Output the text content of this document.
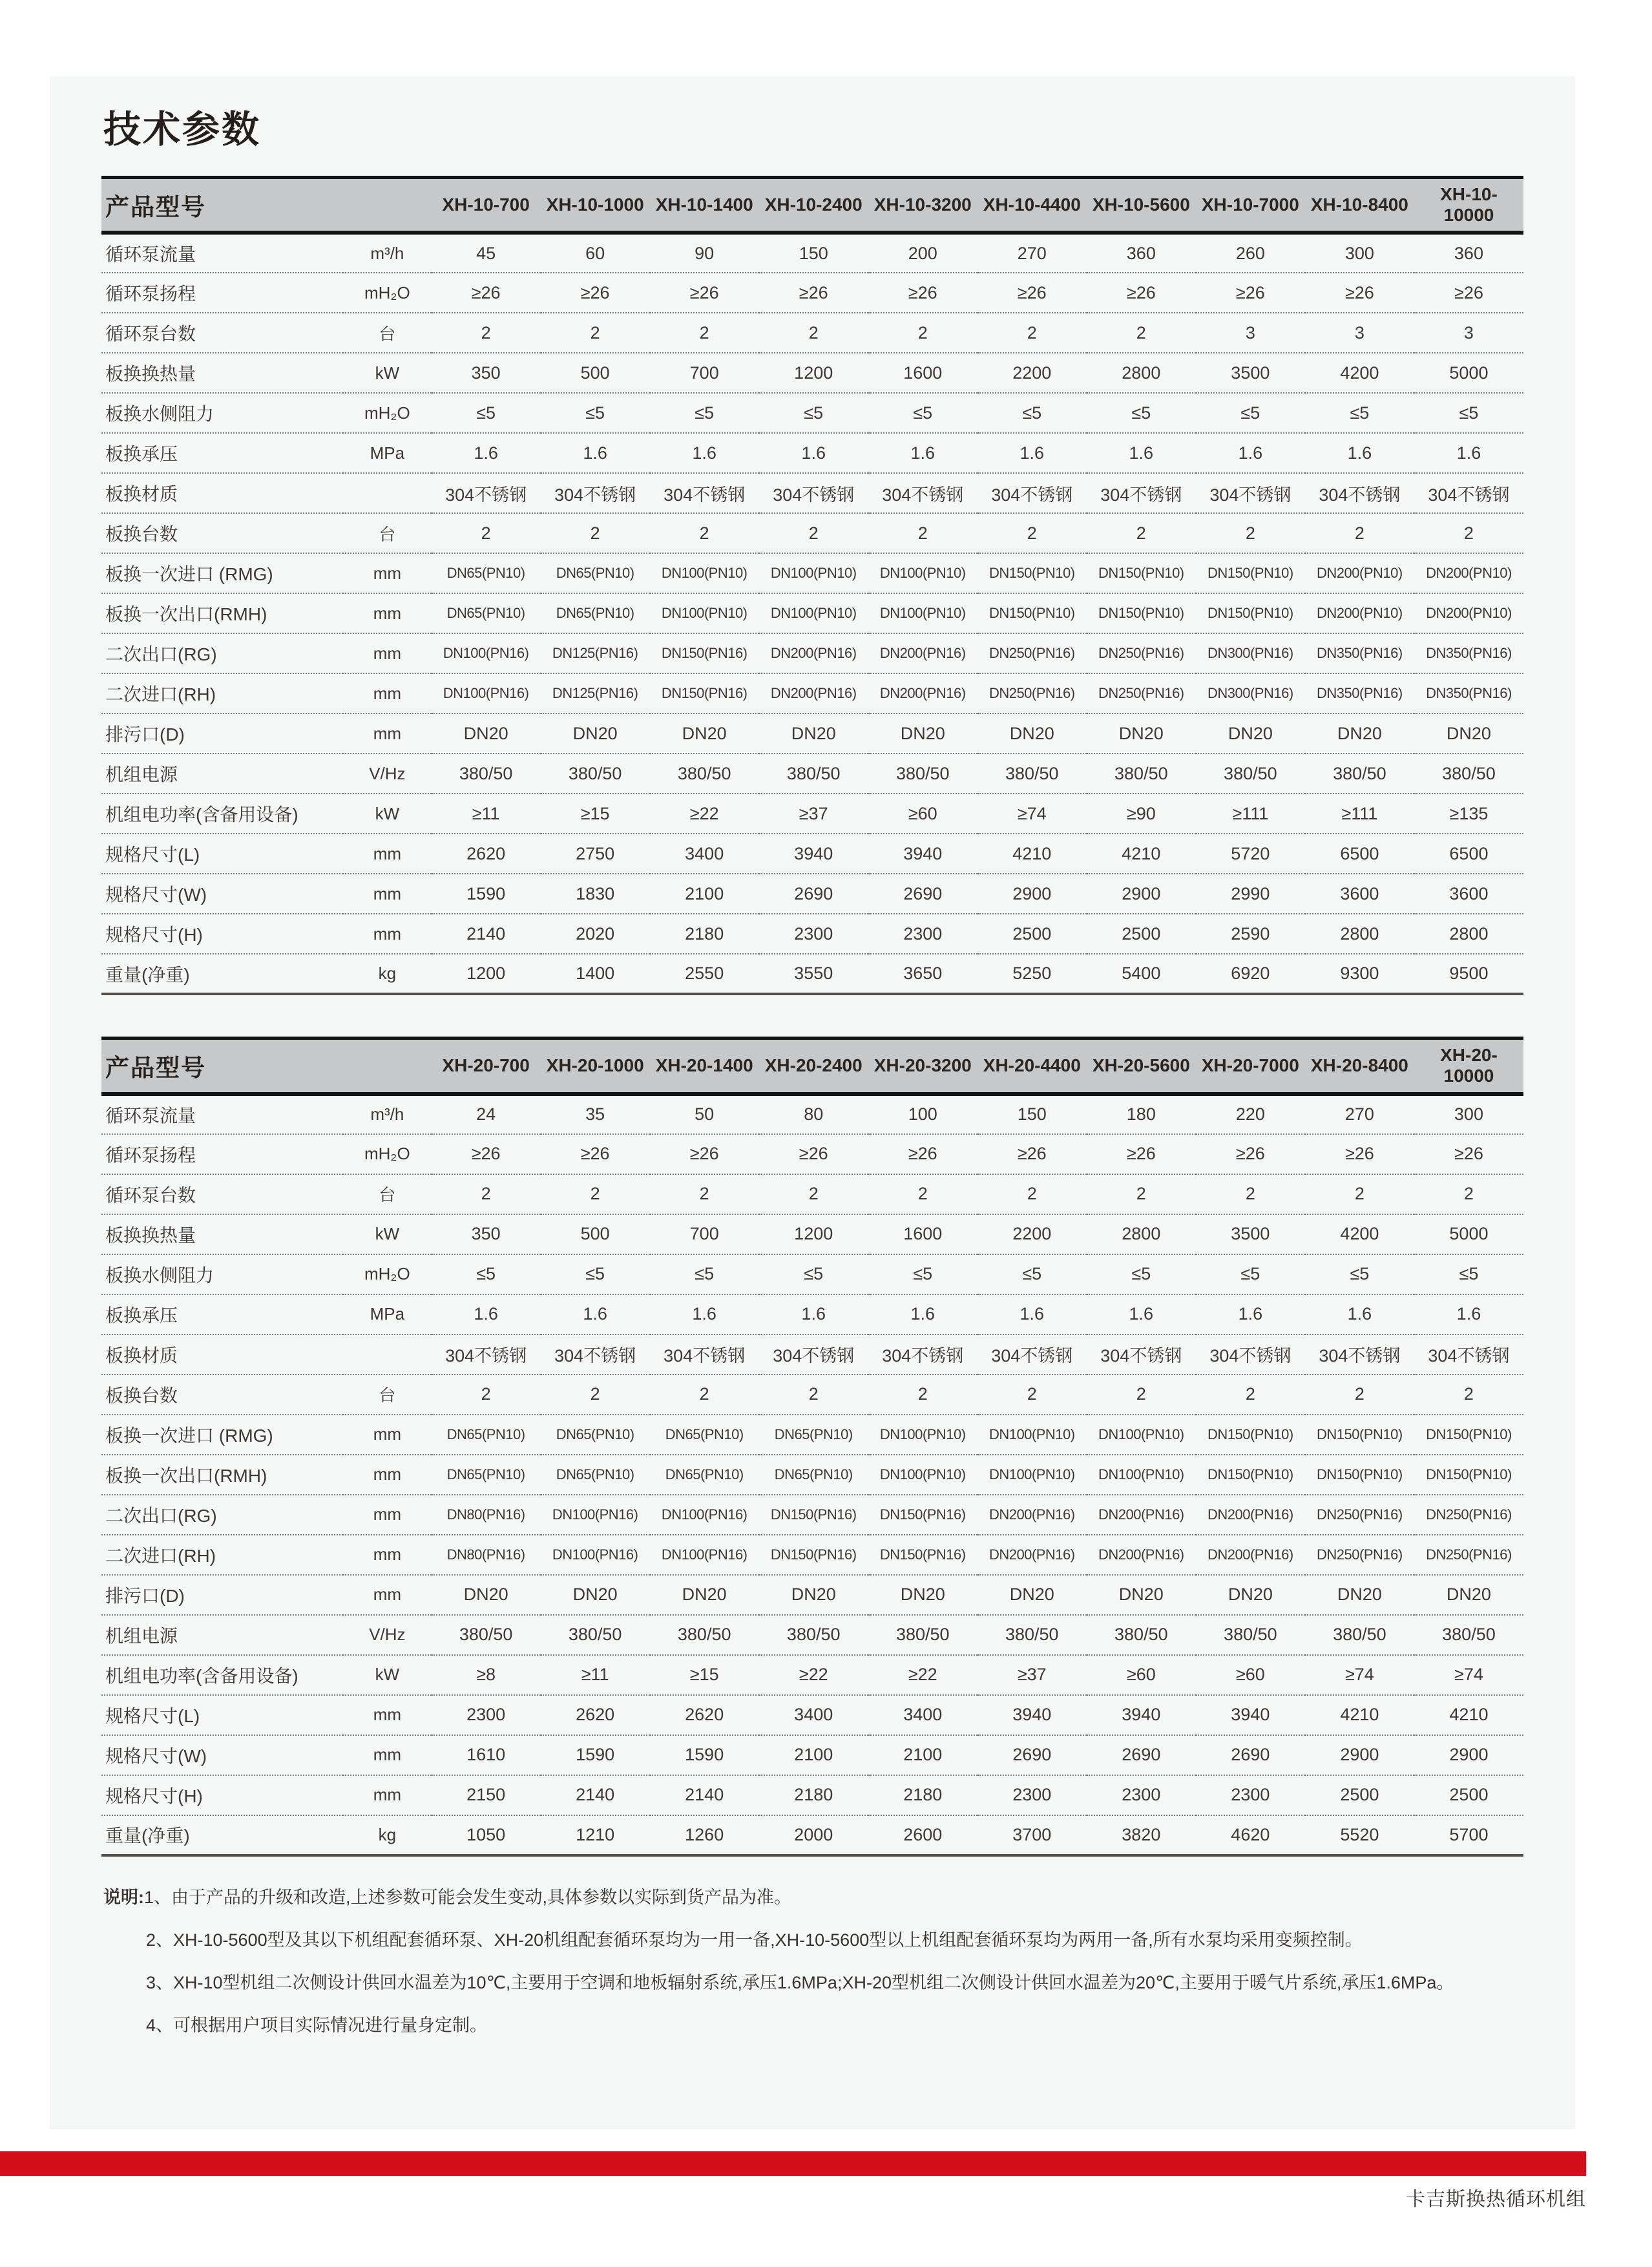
技术参数
产品型号		XH-10-700	XH-10-1000	XH-10-1400	XH-10-2400	XH-10-3200	XH-10-4400	XH-10-5600	XH-10-7000	XH-10-8400	XH-10-10000
循环泵流量	m³/h	45	60	90	150	200	270	360	260	300	360
循环泵扬程	mH₂O	≥26	≥26	≥26	≥26	≥26	≥26	≥26	≥26	≥26	≥26
循环泵台数	台	2	2	2	2	2	2	2	3	3	3
板换换热量	kW	350	500	700	1200	1600	2200	2800	3500	4200	5000
板换水侧阻力	mH₂O	≤5	≤5	≤5	≤5	≤5	≤5	≤5	≤5	≤5	≤5
板换承压	MPa	1.6	1.6	1.6	1.6	1.6	1.6	1.6	1.6	1.6	1.6
板换材质		304不锈钢	304不锈钢	304不锈钢	304不锈钢	304不锈钢	304不锈钢	304不锈钢	304不锈钢	304不锈钢	304不锈钢
板换台数	台	2	2	2	2	2	2	2	2	2	2
板换一次进口 (RMG)	mm	DN65(PN10)	DN65(PN10)	DN100(PN10)	DN100(PN10)	DN100(PN10)	DN150(PN10)	DN150(PN10)	DN150(PN10)	DN200(PN10)	DN200(PN10)
板换一次出口(RMH)	mm	DN65(PN10)	DN65(PN10)	DN100(PN10)	DN100(PN10)	DN100(PN10)	DN150(PN10)	DN150(PN10)	DN150(PN10)	DN200(PN10)	DN200(PN10)
二次出口(RG)	mm	DN100(PN16)	DN125(PN16)	DN150(PN16)	DN200(PN16)	DN200(PN16)	DN250(PN16)	DN250(PN16)	DN300(PN16)	DN350(PN16)	DN350(PN16)
二次进口(RH)	mm	DN100(PN16)	DN125(PN16)	DN150(PN16)	DN200(PN16)	DN200(PN16)	DN250(PN16)	DN250(PN16)	DN300(PN16)	DN350(PN16)	DN350(PN16)
排污口(D)	mm	DN20	DN20	DN20	DN20	DN20	DN20	DN20	DN20	DN20	DN20
机组电源	V/Hz	380/50	380/50	380/50	380/50	380/50	380/50	380/50	380/50	380/50	380/50
机组电功率(含备用设备)	kW	≥11	≥15	≥22	≥37	≥60	≥74	≥90	≥111	≥111	≥135
规格尺寸(L)	mm	2620	2750	3400	3940	3940	4210	4210	5720	6500	6500
规格尺寸(W)	mm	1590	1830	2100	2690	2690	2900	2900	2990	3600	3600
规格尺寸(H)	mm	2140	2020	2180	2300	2300	2500	2500	2590	2800	2800
重量(净重)	kg	1200	1400	2550	3550	3650	5250	5400	6920	9300	9500
产品型号		XH-20-700	XH-20-1000	XH-20-1400	XH-20-2400	XH-20-3200	XH-20-4400	XH-20-5600	XH-20-7000	XH-20-8400	XH-20-10000
循环泵流量	m³/h	24	35	50	80	100	150	180	220	270	300
循环泵扬程	mH₂O	≥26	≥26	≥26	≥26	≥26	≥26	≥26	≥26	≥26	≥26
循环泵台数	台	2	2	2	2	2	2	2	2	2	2
板换换热量	kW	350	500	700	1200	1600	2200	2800	3500	4200	5000
板换水侧阻力	mH₂O	≤5	≤5	≤5	≤5	≤5	≤5	≤5	≤5	≤5	≤5
板换承压	MPa	1.6	1.6	1.6	1.6	1.6	1.6	1.6	1.6	1.6	1.6
板换材质		304不锈钢	304不锈钢	304不锈钢	304不锈钢	304不锈钢	304不锈钢	304不锈钢	304不锈钢	304不锈钢	304不锈钢
板换台数	台	2	2	2	2	2	2	2	2	2	2
板换一次进口 (RMG)	mm	DN65(PN10)	DN65(PN10)	DN65(PN10)	DN65(PN10)	DN100(PN10)	DN100(PN10)	DN100(PN10)	DN150(PN10)	DN150(PN10)	DN150(PN10)
板换一次出口(RMH)	mm	DN65(PN10)	DN65(PN10)	DN65(PN10)	DN65(PN10)	DN100(PN10)	DN100(PN10)	DN100(PN10)	DN150(PN10)	DN150(PN10)	DN150(PN10)
二次出口(RG)	mm	DN80(PN16)	DN100(PN16)	DN100(PN16)	DN150(PN16)	DN150(PN16)	DN200(PN16)	DN200(PN16)	DN200(PN16)	DN250(PN16)	DN250(PN16)
二次进口(RH)	mm	DN80(PN16)	DN100(PN16)	DN100(PN16)	DN150(PN16)	DN150(PN16)	DN200(PN16)	DN200(PN16)	DN200(PN16)	DN250(PN16)	DN250(PN16)
排污口(D)	mm	DN20	DN20	DN20	DN20	DN20	DN20	DN20	DN20	DN20	DN20
机组电源	V/Hz	380/50	380/50	380/50	380/50	380/50	380/50	380/50	380/50	380/50	380/50
机组电功率(含备用设备)	kW	≥8	≥11	≥15	≥22	≥22	≥37	≥60	≥60	≥74	≥74
规格尺寸(L)	mm	2300	2620	2620	3400	3400	3940	3940	3940	4210	4210
规格尺寸(W)	mm	1610	1590	1590	2100	2100	2690	2690	2690	2900	2900
规格尺寸(H)	mm	2150	2140	2140	2180	2180	2300	2300	2300	2500	2500
重量(净重)	kg	1050	1210	1260	2000	2600	3700	3820	4620	5520	5700

说明:1、由于产品的升级和改造,上述参数可能会发生变动,具体参数以实际到货产品为准。

2、XH-10-5600型及其以下机组配套循环泵、XH-20机组配套循环泵均为一用一备,XH-10-5600型以上机组配套循环泵均为两用一备,所有水泵均采用变频控制。

3、XH-10型机组二次侧设计供回水温差为10℃,主要用于空调和地板辐射系统,承压1.6MPa;XH-20型机组二次侧设计供回水温差为20℃,主要用于暖气片系统,承压1.6MPa。

4、可根据用户项目实际情况进行量身定制。

卡吉斯换热循环机组
